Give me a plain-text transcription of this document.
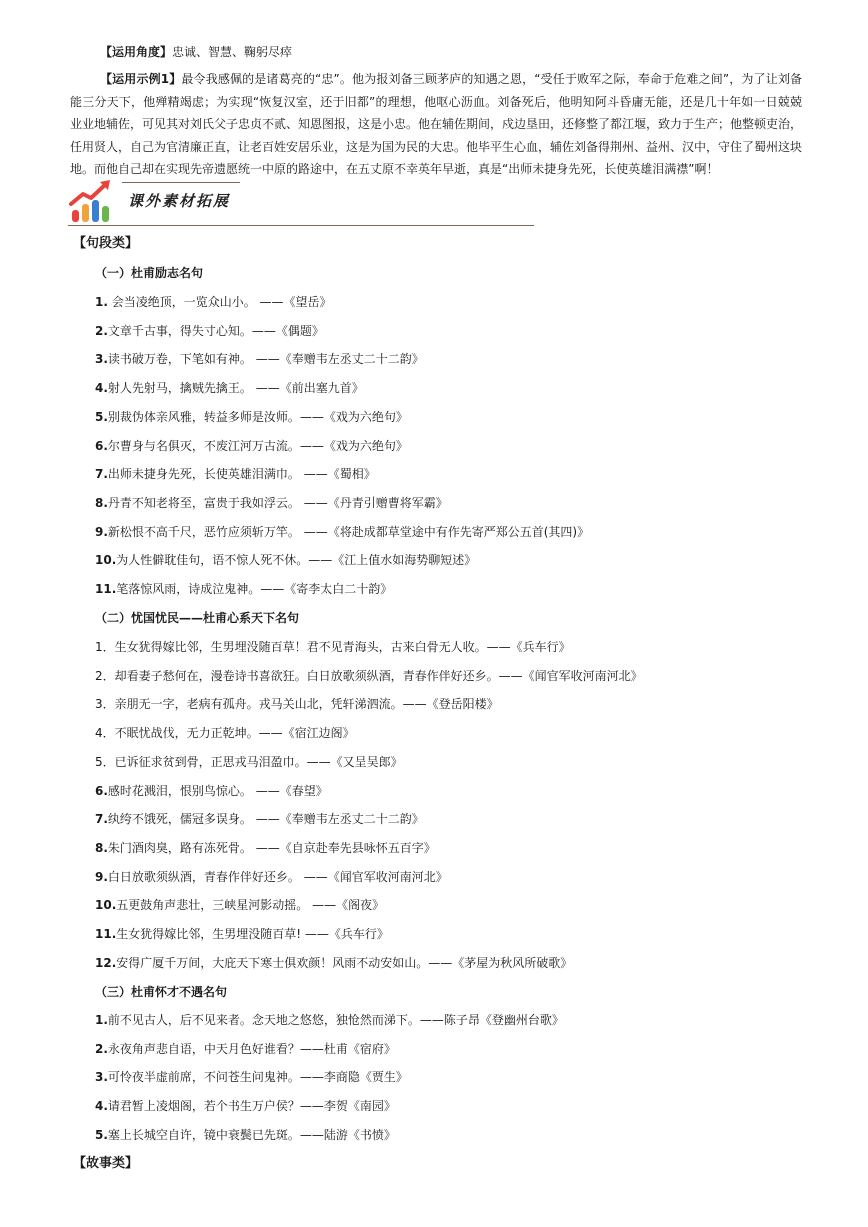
【运用角度】忠诚、智慧、鞠躬尽瘁

【运用示例1】最令我感佩的是诸葛亮的“忠”。他为报刘备三顾茅庐的知遇之恩，“受任于败军之际，奉命于危难之间”，为了让刘备能三分天下，他殚精竭虑；为实现“恢复汉室，还于旧都”的理想，他呕心沥血。刘备死后，他明知阿斗昏庸无能，还是几十年如一日兢兢业业地辅佐，可见其对刘氏父子忠贞不贰、知恩图报，这是小忠。他在辅佐期间，戍边垦田，还修整了都江堰，致力于生产；他整顿吏治，任用贤人，自己为官清廉正直，让老百姓安居乐业，这是为国为民的大忠。他毕平生心血，辅佐刘备得荆州、益州、汉中，守住了蜀州这块地。而他自己却在实现先帝遗愿统一中原的路途中，在五丈原不幸英年早逝，真是“出师未捷身先死，长使英雄泪满襟”啊！

课外素材拓展
【句段类】
（一）杜甫励志名句
1. 会当凌绝顶，一览众山小。 ——《望岳》
2.文章千古事，得失寸心知。——《偶题》
3.读书破万卷，下笔如有神。 ——《奉赠韦左丞丈二十二韵》
4.射人先射马，擒贼先擒王。 ——《前出塞九首》
5.别裁伪体亲风雅，转益多师是汝师。——《戏为六绝句》
6.尔曹身与名俱灭，不废江河万古流。——《戏为六绝句》
7.出师未捷身先死，长使英雄泪满巾。 ——《蜀相》
8.丹青不知老将至，富贵于我如浮云。 ——《丹青引赠曹将军霸》
9.新松恨不高千尺，恶竹应须斩万竿。 ——《将赴成都草堂途中有作先寄严郑公五首(其四)》
10.为人性僻耽佳句，语不惊人死不休。——《江上值水如海势聊短述》
11.笔落惊风雨，诗成泣鬼神。——《寄李太白二十韵》
（二）忧国忧民——杜甫心系天下名句
1．生女犹得嫁比邻，生男埋没随百草！君不见青海头，古来白骨无人收。——《兵车行》
2．却看妻子愁何在，漫卷诗书喜欲狂。白日放歌须纵酒，青春作伴好还乡。——《闻官军收河南河北》
3．亲朋无一字，老病有孤舟。戎马关山北，凭轩涕泗流。——《登岳阳楼》
4．不眠忧战伐，无力正乾坤。——《宿江边阁》
5．已诉征求贫到骨，正思戎马泪盈巾。——《又呈吴郎》
6.感时花溅泪，恨别鸟惊心。 ——《春望》
7.纨绔不饿死，儒冠多误身。 ——《奉赠韦左丞丈二十二韵》
8.朱门酒肉臭，路有冻死骨。 ——《自京赴奉先县咏怀五百字》
9.白日放歌须纵酒，青春作伴好还乡。 ——《闻官军收河南河北》
10.五更鼓角声悲壮，三峡星河影动摇。 ——《阁夜》
11.生女犹得嫁比邻，生男埋没随百草! ——《兵车行》
12.安得广厦千万间，大庇天下寒士俱欢颜！风雨不动安如山。——《茅屋为秋风所破歌》
（三）杜甫怀才不遇名句
1.前不见古人，后不见来者。念天地之悠悠，独怆然而涕下。——陈子昂《登幽州台歌》
2.永夜角声悲自语，中天月色好谁看？——杜甫《宿府》
3.可怜夜半虚前席，不问苍生问鬼神。——李商隐《贾生》
4.请君暂上凌烟阁，若个书生万户侯？——李贺《南园》
5.塞上长城空自许，镜中衰鬓已先斑。——陆游《书愤》
【故事类】
